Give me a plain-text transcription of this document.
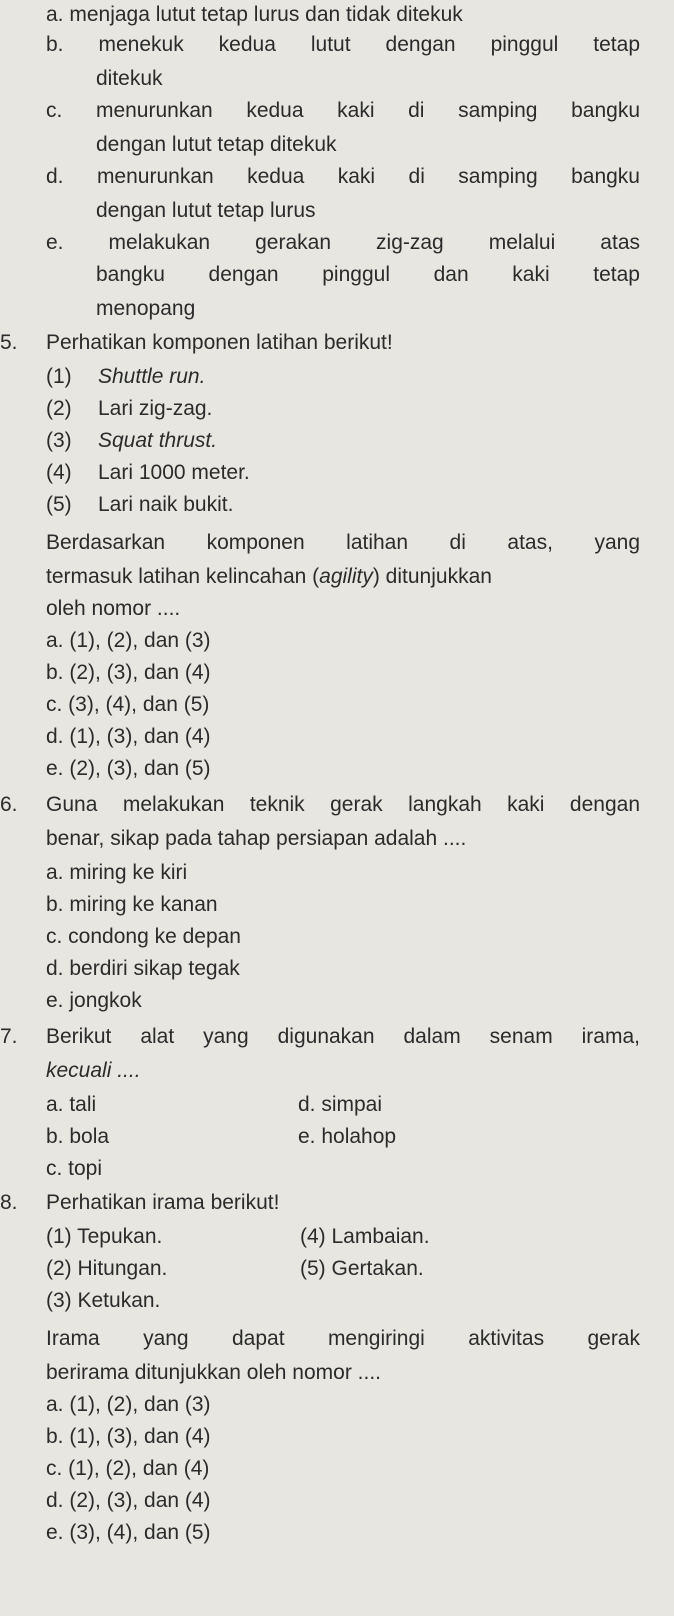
a. menjaga lutut tetap lurus dan tidak ditekuk
b. menekuk kedua lutut dengan pinggul tetap
ditekuk
c. menurunkan kedua kaki di samping bangku
dengan lutut tetap ditekuk
d. menurunkan kedua kaki di samping bangku
dengan lutut tetap lurus
e. melakukan gerakan zig-zag melalui atas
bangku dengan pinggul dan kaki tetap
menopang
5. Perhatikan komponen latihan berikut!
(1) Shuttle run.
(2) Lari zig-zag.
(3) Squat thrust.
(4) Lari 1000 meter.
(5) Lari naik bukit.
Berdasarkan komponen latihan di atas, yang
termasuk latihan kelincahan (agility) ditunjukkan
oleh nomor ....
a. (1), (2), dan (3)
b. (2), (3), dan (4)
c. (3), (4), dan (5)
d. (1), (3), dan (4)
e. (2), (3), dan (5)
6. Guna melakukan teknik gerak langkah kaki dengan
benar, sikap pada tahap persiapan adalah ....
a. miring ke kiri
b. miring ke kanan
c. condong ke depan
d. berdiri sikap tegak
e. jongkok
7. Berikut alat yang digunakan dalam senam irama,
kecuali ....
a. tali
b. bola
c. topi
d. simpai
e. holahop
8. Perhatikan irama berikut!
(1) Tepukan.
(2) Hitungan.
(3) Ketukan.
(4) Lambaian.
(5) Gertakan.
Irama yang dapat mengiringi aktivitas gerak
berirama ditunjukkan oleh nomor ....
a. (1), (2), dan (3)
b. (1), (3), dan (4)
c. (1), (2), dan (4)
d. (2), (3), dan (4)
e. (3), (4), dan (5)
